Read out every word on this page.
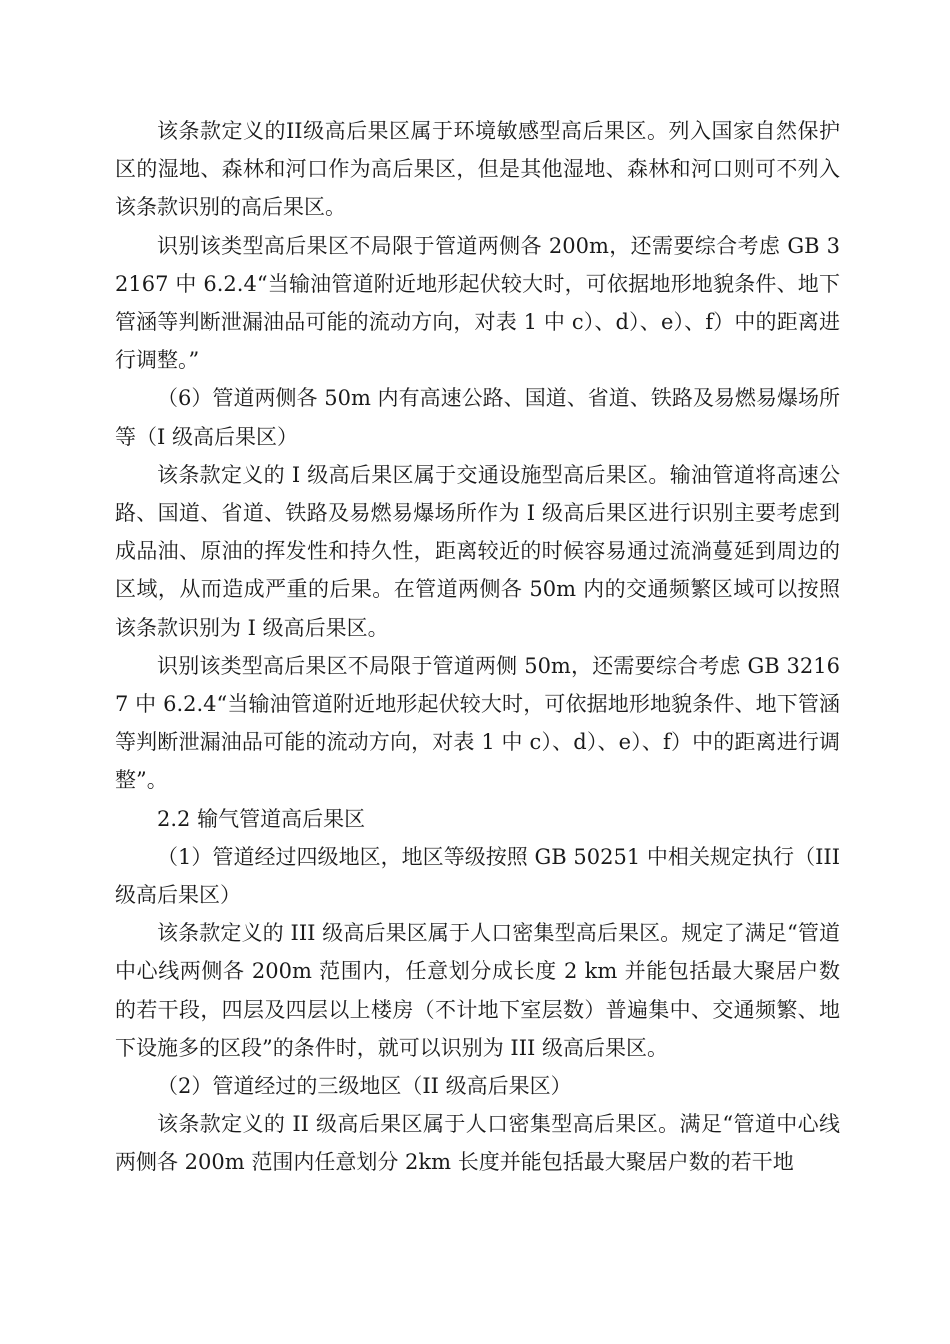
该条款定义的II级高后果区属于环境敏感型高后果区。列入国家自然保护区的湿地、森林和河口作为高后果区，但是其他湿地、森林和河口则可不列入该条款识别的高后果区。

识别该类型高后果区不局限于管道两侧各 200m，还需要综合考虑 GB 32167 中 6.2.4“当输油管道附近地形起伏较大时，可依据地形地貌条件、地下管涵等判断泄漏油品可能的流动方向，对表 1 中 c）、d）、e）、f）中的距离进行调整。”

（6）管道两侧各 50m 内有高速公路、国道、省道、铁路及易燃易爆场所等（I 级高后果区）

该条款定义的 I 级高后果区属于交通设施型高后果区。输油管道将高速公路、国道、省道、铁路及易燃易爆场所作为 I 级高后果区进行识别主要考虑到成品油、原油的挥发性和持久性，距离较近的时候容易通过流淌蔓延到周边的区域，从而造成严重的后果。在管道两侧各 50m 内的交通频繁区域可以按照该条款识别为 I 级高后果区。

识别该类型高后果区不局限于管道两侧 50m，还需要综合考虑 GB 32167 中 6.2.4“当输油管道附近地形起伏较大时，可依据地形地貌条件、地下管涵等判断泄漏油品可能的流动方向，对表 1 中 c）、d）、e）、f）中的距离进行调整”。

2.2 输气管道高后果区

（1）管道经过四级地区，地区等级按照 GB 50251 中相关规定执行（III 级高后果区）

该条款定义的 III 级高后果区属于人口密集型高后果区。规定了满足“管道中心线两侧各 200m 范围内，任意划分成长度 2 km 并能包括最大聚居户数的若干段，四层及四层以上楼房（不计地下室层数）普遍集中、交通频繁、地下设施多的区段”的条件时，就可以识别为 III 级高后果区。

（2）管道经过的三级地区（II 级高后果区）

该条款定义的 II 级高后果区属于人口密集型高后果区。满足“管道中心线两侧各 200m 范围内任意划分 2km 长度并能包括最大聚居户数的若干地
